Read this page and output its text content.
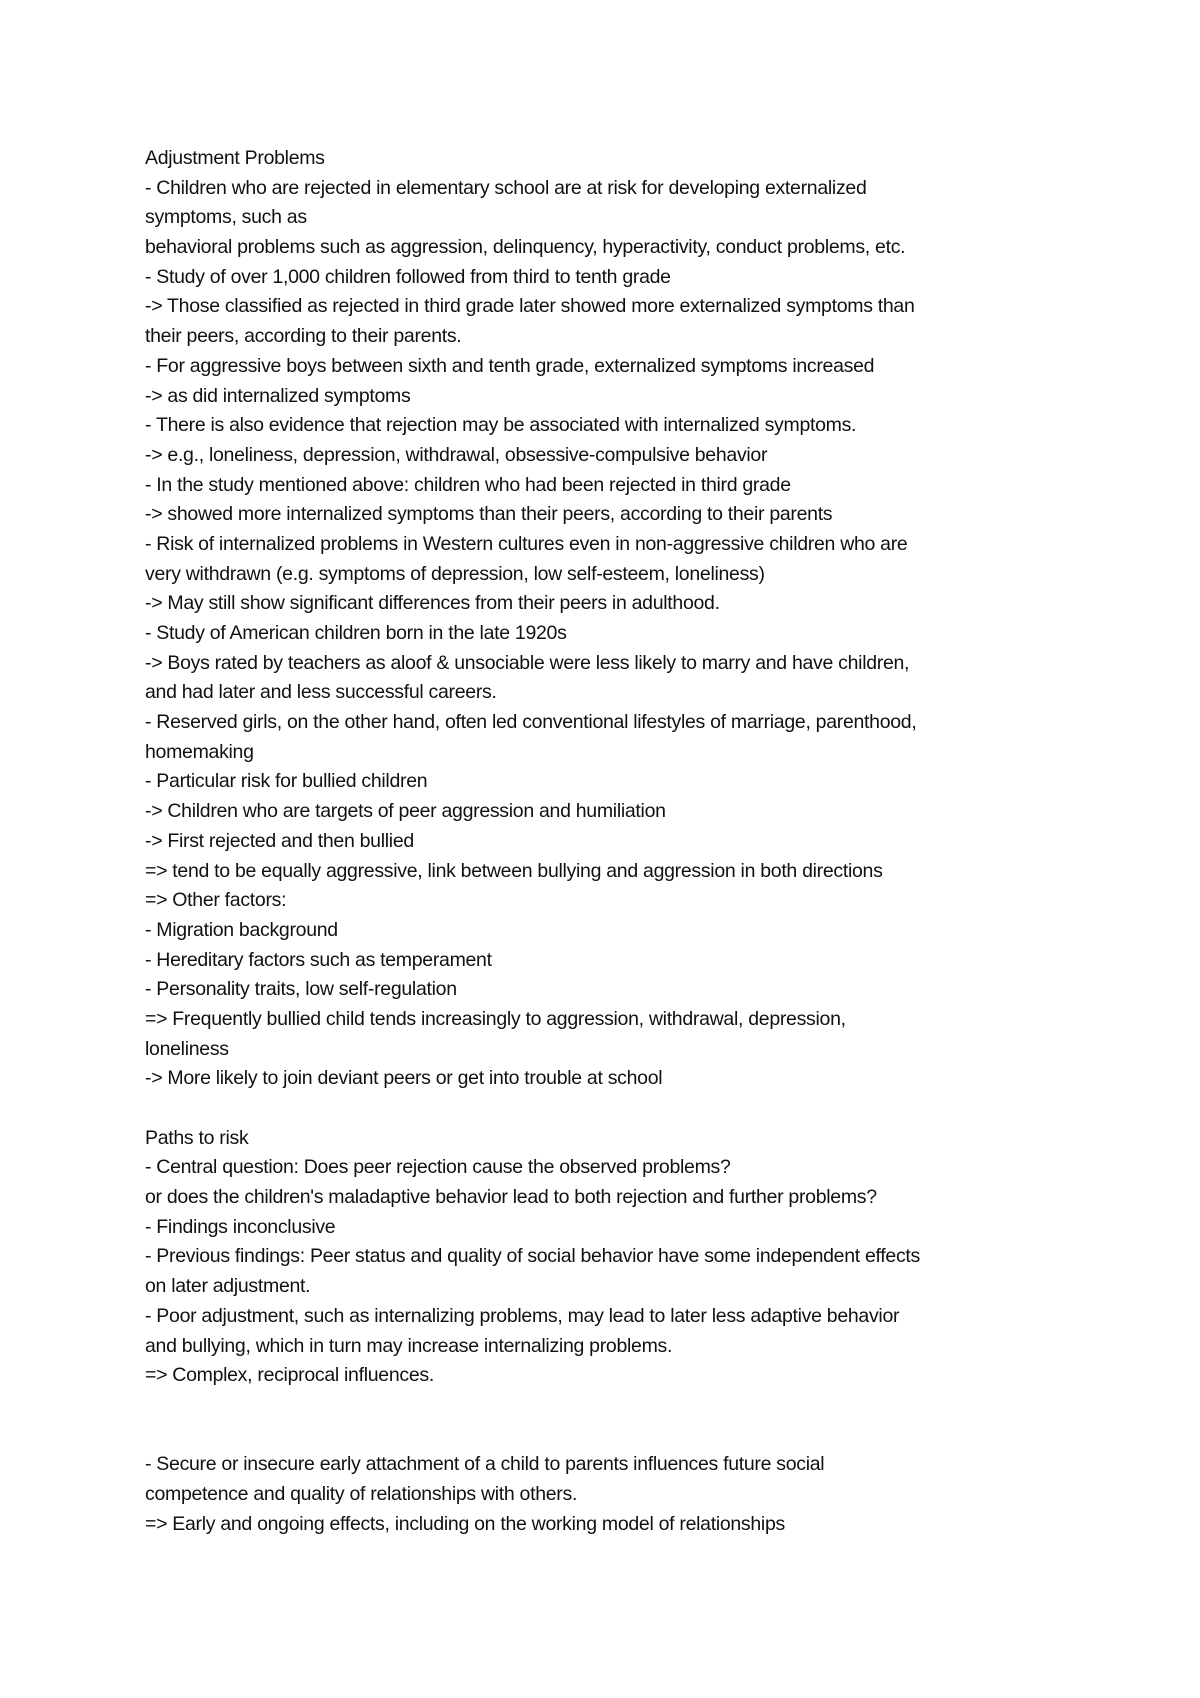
Adjustment Problems
- Children who are rejected in elementary school are at risk for developing externalized
symptoms, such as
behavioral problems such as aggression, delinquency, hyperactivity, conduct problems, etc.
- Study of over 1,000 children followed from third to tenth grade
-> Those classified as rejected in third grade later showed more externalized symptoms than
their peers, according to their parents.
- For aggressive boys between sixth and tenth grade, externalized symptoms increased
-> as did internalized symptoms
- There is also evidence that rejection may be associated with internalized symptoms.
-> e.g., loneliness, depression, withdrawal, obsessive-compulsive behavior
- In the study mentioned above: children who had been rejected in third grade
-> showed more internalized symptoms than their peers, according to their parents
- Risk of internalized problems in Western cultures even in non-aggressive children who are
very withdrawn (e.g. symptoms of depression, low self-esteem, loneliness)
-> May still show significant differences from their peers in adulthood.
- Study of American children born in the late 1920s
-> Boys rated by teachers as aloof & unsociable were less likely to marry and have children,
and had later and less successful careers.
- Reserved girls, on the other hand, often led conventional lifestyles of marriage, parenthood,
homemaking
- Particular risk for bullied children
-> Children who are targets of peer aggression and humiliation
-> First rejected and then bullied
=> tend to be equally aggressive, link between bullying and aggression in both directions
=> Other factors:
- Migration background
- Hereditary factors such as temperament
- Personality traits, low self-regulation
=> Frequently bullied child tends increasingly to aggression, withdrawal, depression,
loneliness
-> More likely to join deviant peers or get into trouble at school
Paths to risk
- Central question: Does peer rejection cause the observed problems?
or does the children's maladaptive behavior lead to both rejection and further problems?
- Findings inconclusive
- Previous findings: Peer status and quality of social behavior have some independent effects
on later adjustment.
- Poor adjustment, such as internalizing problems, may lead to later less adaptive behavior
and bullying, which in turn may increase internalizing problems.
=> Complex, reciprocal influences.
- Secure or insecure early attachment of a child to parents influences future social
competence and quality of relationships with others.
=> Early and ongoing effects, including on the working model of relationships
